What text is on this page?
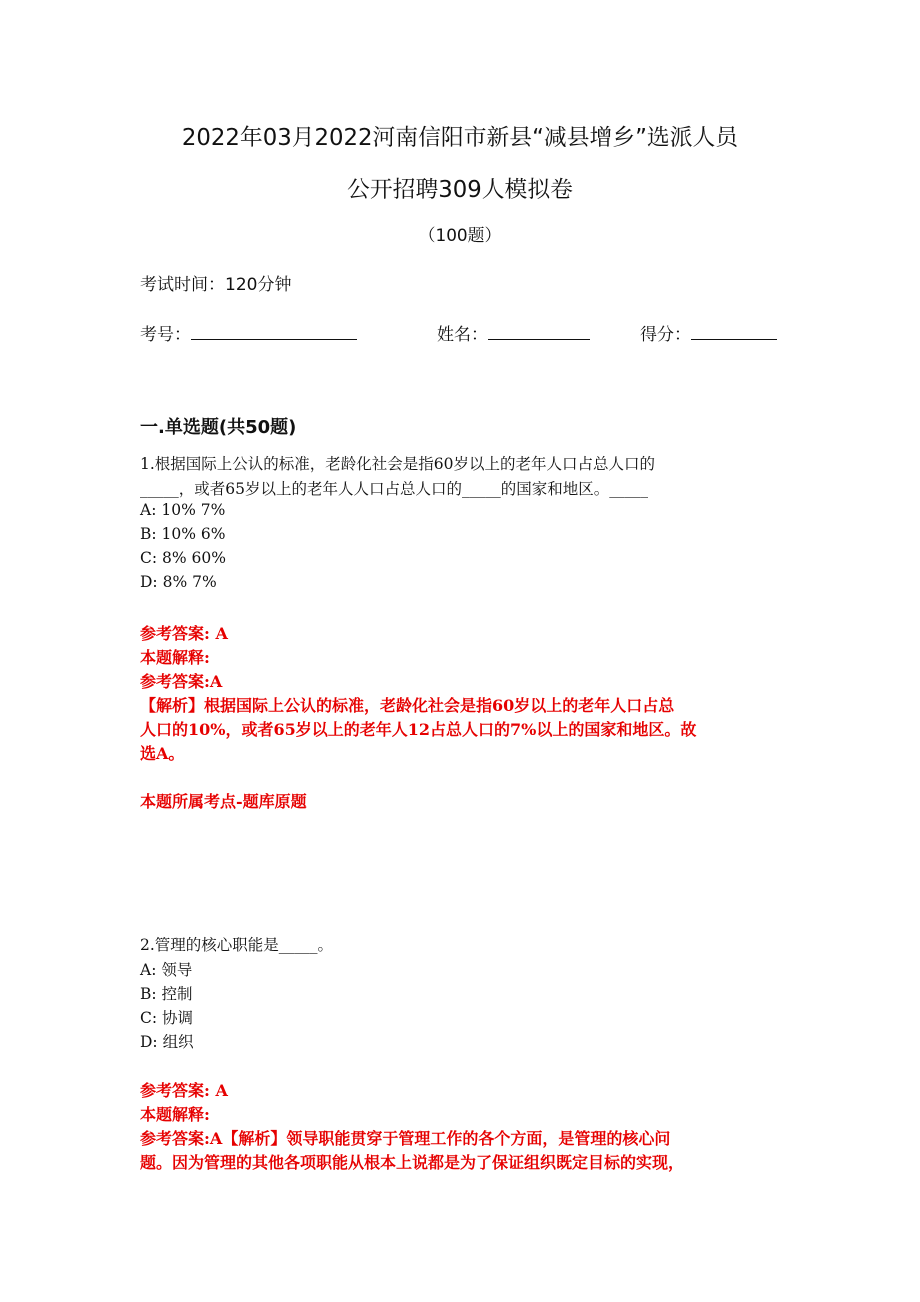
2022年03月2022河南信阳市新县“减县增乡”选派人员
公开招聘309人模拟卷
（100题）
考试时间：120分钟
考号：	姓名：	得分：
一.单选题(共50题)
1.根据国际上公认的标准，老龄化社会是指60岁以上的老年人口占总人口的
_____，或者65岁以上的老年人人口占总人口的_____的国家和地区。_____
A: 10% 7%
B: 10% 6%
C: 8% 60%
D: 8% 7%
参考答案: A
本题解释:
参考答案:A
【解析】根据国际上公认的标准，老龄化社会是指60岁以上的老年人口占总
人口的10%，或者65岁以上的老年人12占总人口的7%以上的国家和地区。故
选A。
本题所属考点-题库原题
2.管理的核心职能是_____。
A: 领导
B: 控制
C: 协调
D: 组织
参考答案: A
本题解释:
参考答案:A【解析】领导职能贯穿于管理工作的各个方面，是管理的核心问
题。因为管理的其他各项职能从根本上说都是为了保证组织既定目标的实现，
